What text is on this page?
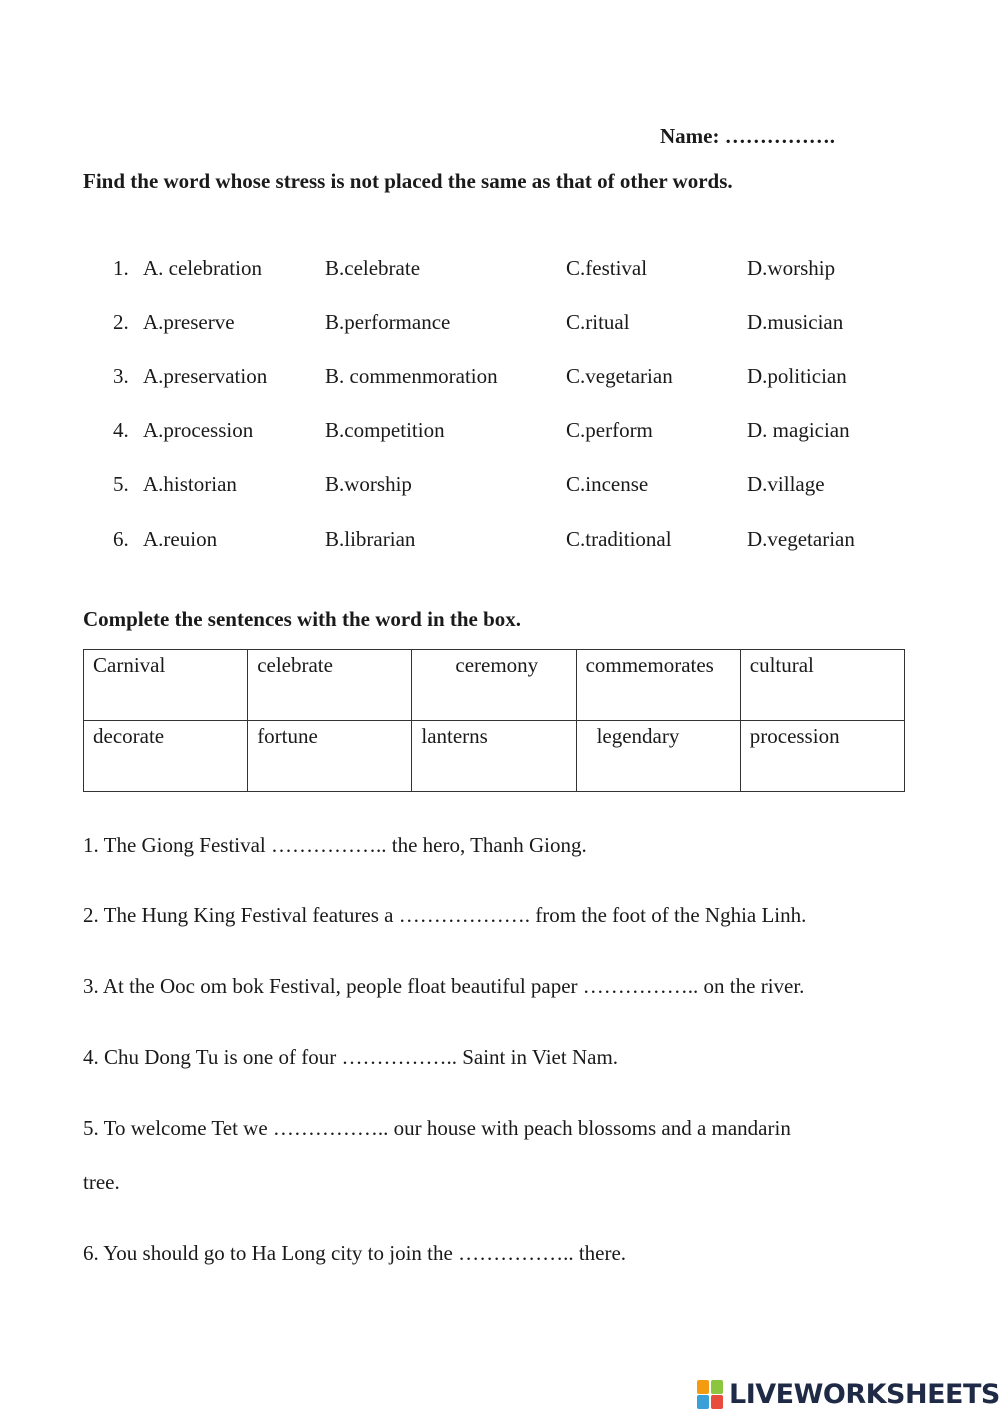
Name: …………….
Find the word whose stress is not placed the same as that of other words.
1. A. celebration	B.celebrate	C.festival	D.worship
2. A.preserve	B.performance	C.ritual	D.musician
3. A.preservation	B. commenmoration	C.vegetarian	D.politician
4. A.procession	B.competition	C.perform	D. magician
5. A.historian	B.worship	C.incense	D.village
6. A.reuion	B.librarian	C.traditional	D.vegetarian
Complete the sentences with the word in the box.
Carnival	celebrate	ceremony	commemorates	cultural
decorate	fortune	lanterns	legendary	procession
1. The Giong Festival …………….. the hero, Thanh Giong.
2. The Hung King Festival features a ………………. from the foot of the Nghia Linh.
3. At the Ooc om bok Festival, people float beautiful paper …………….. on the river.
4. Chu Dong Tu is one of four …………….. Saint in Viet Nam.
5. To welcome Tet we …………….. our house with peach blossoms and a mandarin
tree.
6. You should go to Ha Long city to join the …………….. there.
LIVEWORKSHEETS
